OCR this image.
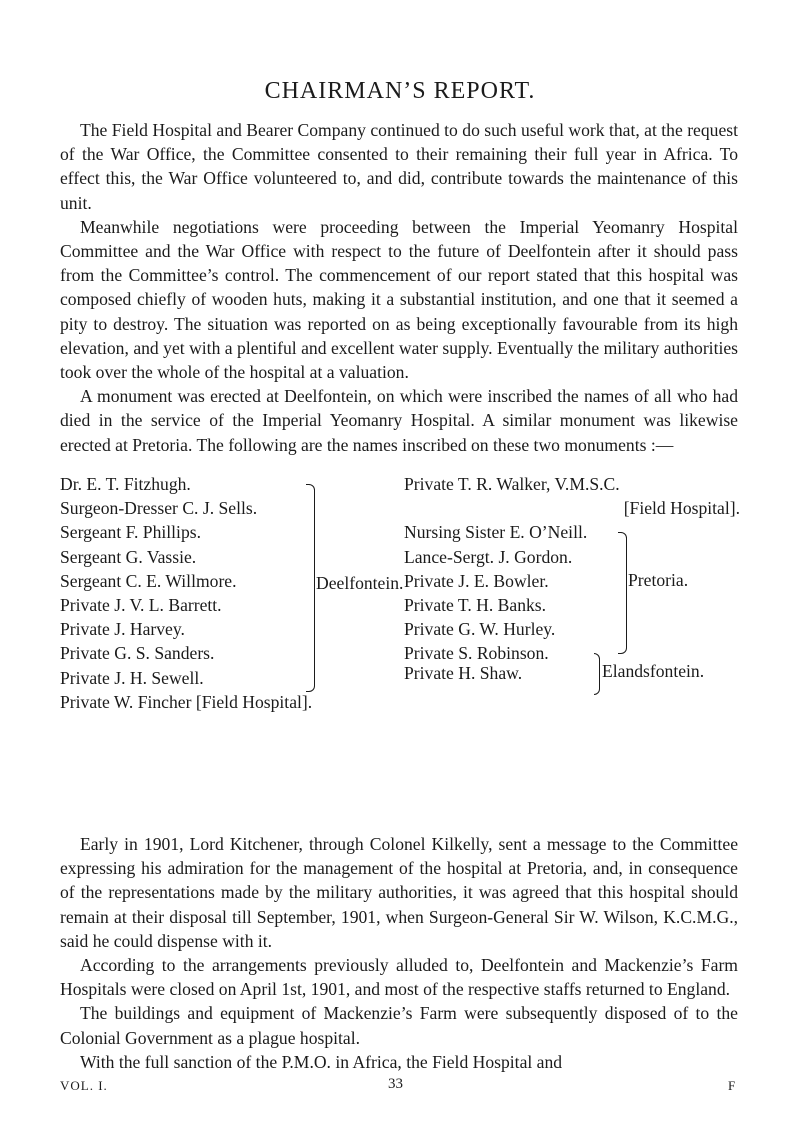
CHAIRMAN’S REPORT.

The Field Hospital and Bearer Company continued to do such useful work that, at the request of the War Office, the Committee consented to their remaining their full year in Africa. To effect this, the War Office volunteered to, and did, contribute towards the maintenance of this unit.

Meanwhile negotiations were proceeding between the Imperial Yeomanry Hospital Committee and the War Office with respect to the future of Deelfontein after it should pass from the Committee’s control. The commencement of our report stated that this hospital was composed chiefly of wooden huts, making it a substantial institution, and one that it seemed a pity to destroy. The situation was reported on as being exceptionally favourable from its high elevation, and yet with a plentiful and excellent water supply. Eventually the military authorities took over the whole of the hospital at a valuation.

A monument was erected at Deelfontein, on which were inscribed the names of all who had died in the service of the Imperial Yeomanry Hospital. A similar monument was likewise erected at Pretoria. The following are the names inscribed on these two monuments :—

Dr. E. T. Fitzhugh.
Surgeon-Dresser C. J. Sells.
Sergeant F. Phillips.
Sergeant G. Vassie.
Sergeant C. E. Willmore.
Private J. V. L. Barrett.
Private J. Harvey.
Private G. S. Sanders.
Private J. H. Sewell.
Private W. Fincher [Field Hospital].
Deelfontein.
Private T. R. Walker, V.M.S.C.
[Field Hospital].
Nursing Sister E. O’Neill.
Lance-Sergt. J. Gordon.
Private J. E. Bowler.
Private T. H. Banks.
Private G. W. Hurley.
Private S. Robinson.
Private H. Shaw.
Pretoria.
Elandsfontein.

Early in 1901, Lord Kitchener, through Colonel Kilkelly, sent a message to the Committee expressing his admiration for the management of the hospital at Pretoria, and, in consequence of the representations made by the military authorities, it was agreed that this hospital should remain at their disposal till September, 1901, when Surgeon-General Sir W. Wilson, K.C.M.G., said he could dispense with it.

According to the arrangements previously alluded to, Deelfontein and Mackenzie’s Farm Hospitals were closed on April 1st, 1901, and most of the respective staffs returned to England.

The buildings and equipment of Mackenzie’s Farm were subsequently disposed of to the Colonial Government as a plague hospital.

With the full sanction of the P.M.O. in Africa, the Field Hospital and

VOL. I.	33	F
